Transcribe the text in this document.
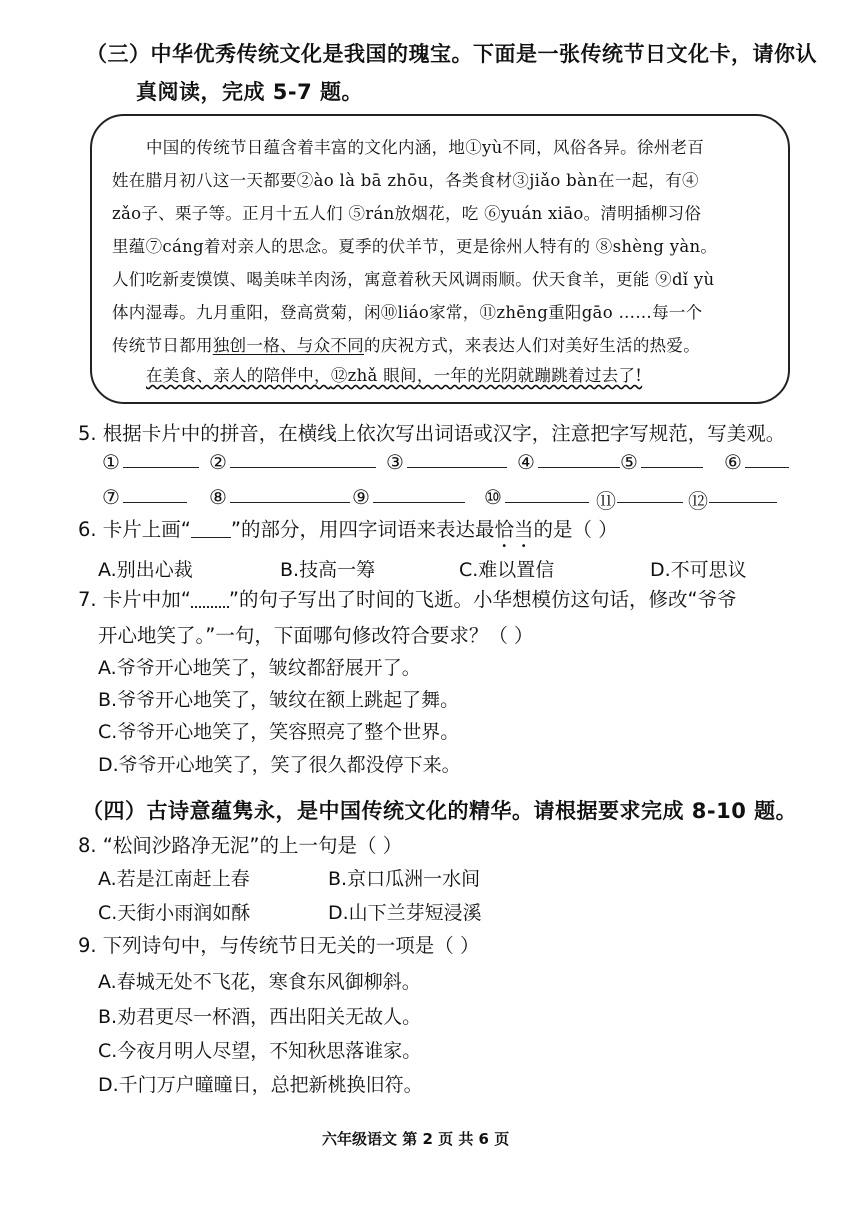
（三）中华优秀传统文化是我国的瑰宝。下面是一张传统节日文化卡，请你认
真阅读，完成 5-7 题。
中国的传统节日蕴含着丰富的文化内涵，地①yù不同，风俗各异。徐州老百
姓在腊月初八这一天都要②ào là bā zhōu，各类食材③jiǎo bàn在一起，有④
zǎo子、栗子等。正月十五人们 ⑤rán放烟花，吃 ⑥yuán xiāo。清明插柳习俗
里蕴⑦cáng着对亲人的思念。夏季的伏羊节，更是徐州人特有的 ⑧shèng yàn。
人们吃新麦馍馍、喝美味羊肉汤，寓意着秋天风调雨顺。伏天食羊，更能 ⑨dǐ yù
体内湿毒。九月重阳，登高赏菊，闲⑩liáo家常，⑪zhēng重阳gāo ……每一个
传统节日都用独创一格、与众不同的庆祝方式，来表达人们对美好生活的热爱。
在美食、亲人的陪伴中，⑫zhǎ 眼间，一年的光阴就蹦跳着过去了!
5. 根据卡片中的拼音，在横线上依次写出词语或汉字，注意把字写规范，写美观。
①	②	③	④	⑤	⑥
⑦	⑧	⑨	⑩	⑪	⑫
6. 卡片上画“ ”的部分，用四字词语来表达最恰当的是（ ）
A.别出心裁	B.技高一筹	C.难以置信	D.不可思议
7. 卡片中加“ ”的句子写出了时间的飞逝。小华想模仿这句话，修改“爷爷
开心地笑了。”一句，下面哪句修改符合要求？（ ）
A.爷爷开心地笑了，皱纹都舒展开了。
B.爷爷开心地笑了，皱纹在额上跳起了舞。
C.爷爷开心地笑了，笑容照亮了整个世界。
D.爷爷开心地笑了，笑了很久都没停下来。
（四）古诗意蕴隽永，是中国传统文化的精华。请根据要求完成 8-10 题。
8. “松间沙路净无泥”的上一句是（ ）
A.若是江南赶上春	B.京口瓜洲一水间
C.天街小雨润如酥	D.山下兰芽短浸溪
9. 下列诗句中，与传统节日无关的一项是（ ）
A.春城无处不飞花，寒食东风御柳斜。
B.劝君更尽一杯酒，西出阳关无故人。
C.今夜月明人尽望，不知秋思落谁家。
D.千门万户曈曈日，总把新桃换旧符。
六年级语文 第 2 页 共 6 页
